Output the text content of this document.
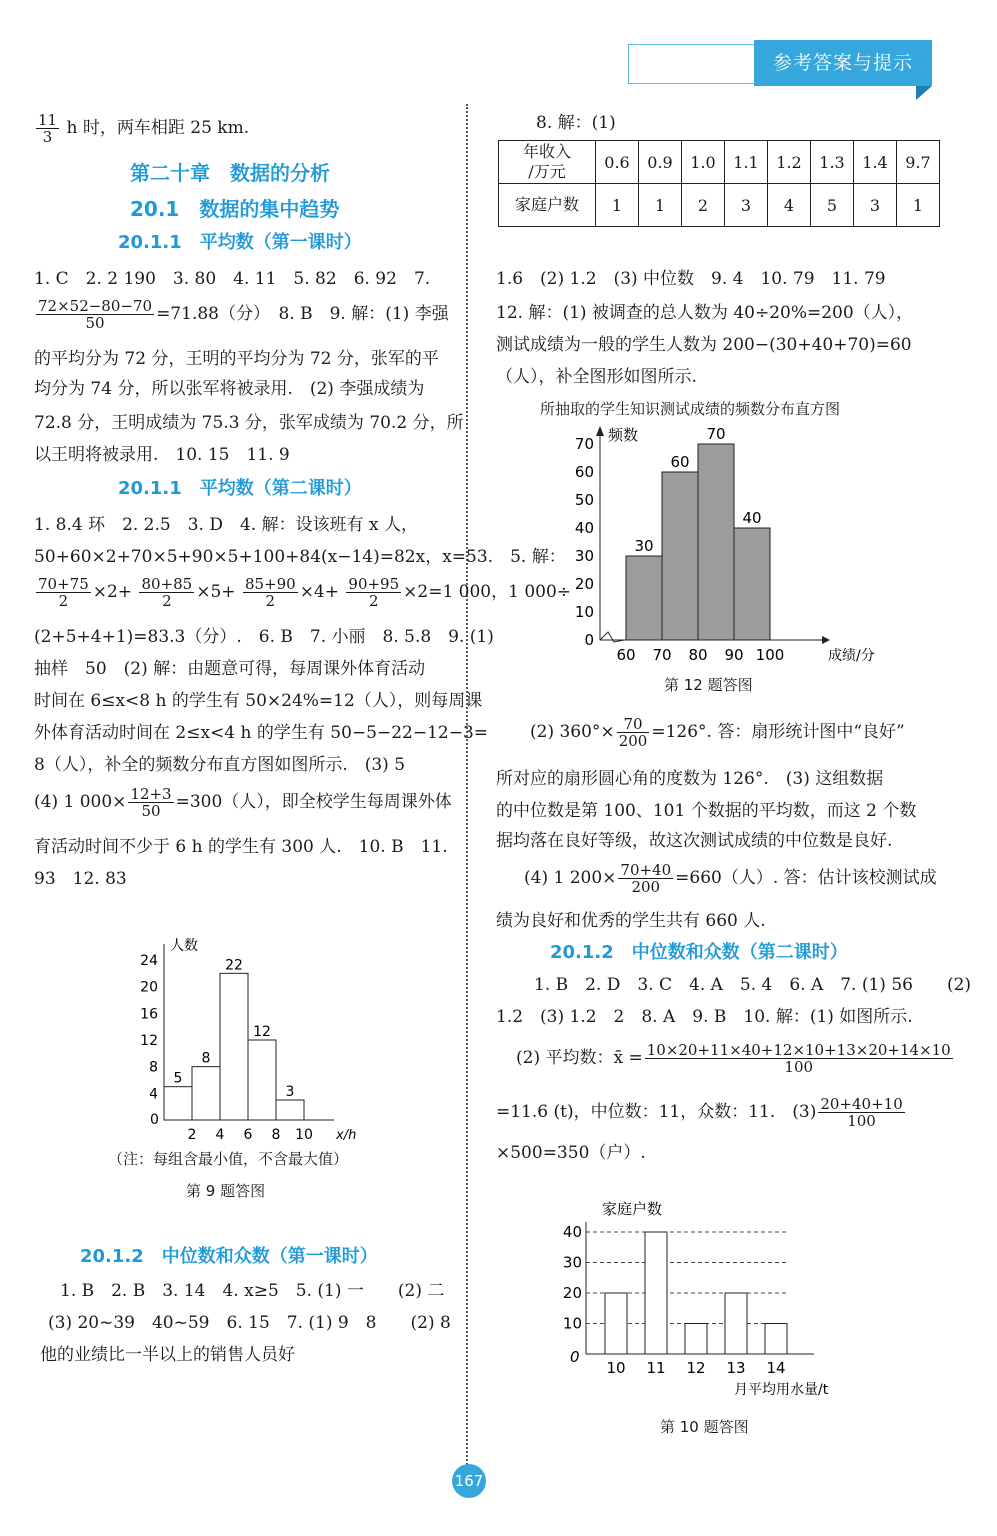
参考答案与提示
$\frac{11}{3}$ h 时，两车相距 25 km.
第二十章　数据的分析
20.1　数据的集中趋势
20.1.1　平均数（第一课时）
1. C　2. 2 190　3. 80　4. 11　5. 82　6. 92　7.
$\frac{72\times 52-80-70}{50} =71.88$（分）　8. B　9. 解：(1) 李强
的平均分为 72 分，王明的平均分为 72 分，张军的平
均分为 74 分，所以张军将被录用.　(2) 李强成绩为
72.8 分，王明成绩为 75.3 分，张军成绩为 70.2 分，所
以王明将被录用.　10. 15　11. 9
20.1.1　平均数（第二课时）
1. 8.4 环　2. 2.5　3. D　4. 解：设该班有 x 人，
50+60×2+70×5+90×5+100+84(x−14)=82x，x=53.　5. 解：
$\frac{70+75}{2} \times 2+ \frac{80+85}{2} \times 5+ \frac{85+90}{2} \times 4+ \frac{90+95}{2} \times 2=1$ 000，1 000÷
(2+5+4+1)=83.3（分）.　6. B　7. 小丽　8. 5.8　9. (1)
抽样　50　(2) 解：由题意可得，每周课外体育活动
时间在 6≤x<8 h 的学生有 50×24%=12（人），则每周课
外体育活动时间在 2≤x<4 h 的学生有 50−5−22−12−3=
8（人），补全的频数分布直方图如图所示.　(3) 5
(4) 1 $000\times \frac{12+3}{50} =300$（人），即全校学生每周课外体
育活动时间不少于 6 h 的学生有 300 人.　10. B　11.
93　12. 83
人数
x/h
0
4
8
12
16
20
24
5
8
22
12
3
2 4 6 8 10
（注：每组含最小值，不含最大值）
第 9 题答图
20.1.2　中位数和众数（第一课时）
1. B　2. B　3. 14　4. x≥5　5. (1) 一　　(2) 二
(3) 20~39　40~59　6. 15　7. (1) 9　8　　(2) 8
他的业绩比一半以上的销售人员好
8. 解：(1)
年收入
/万元	0.6	0.9	1.0	1.1	1.2	1.3	1.4	9.7
家庭户数	1	1	2	3	4	5	3	1
1.6　(2) 1.2　(3) 中位数　9. 4　10. 79　11. 79
12. 解：(1) 被调查的总人数为 40÷20%=200（人），
测试成绩为一般的学生人数为 200−(30+40+70)=60
（人），补全图形如图所示.
所抽取的学生知识测试成绩的频数分布直方图
频数
成绩/分
0
10
20
30
40
50
60
70
30
60
70
40
60 70 80 90 100
第 12 题答图
(2) $360^\circ\times \frac{70}{200} =126^\circ$. 答：扇形统计图中“良好”
所对应的扇形圆心角的度数为 126°.　(3) 这组数据
的中位数是第 100、101 个数据的平均数，而这 2 个数
据均落在良好等级，故这次测试成绩的中位数是良好.
(4) 1 $200\times \frac{70+40}{200} =660$（人）. 答：估计该校测试成
绩为良好和优秀的学生共有 660 人.
20.1.2　中位数和众数（第二课时）
1. B　2. D　3. C　4. A　5. 4　6. A　7. (1) 56　　(2)
1.2　(3) 1.2　2　8. A　9. B　10. 解：(1) 如图所示.
(2) 平均数：x̄ = $\frac{10\times 20+11\times 40+12\times 10+13\times 20+14\times 10}{100}$
=11.6 (t)，中位数：11，众数：11.　$(3) \frac{20+40+10}{100}$
×500=350（户）.
家庭户数
月平均用水量/t
0
10
20
30
40
10 11 12 13 14
第 10 题答图
167
